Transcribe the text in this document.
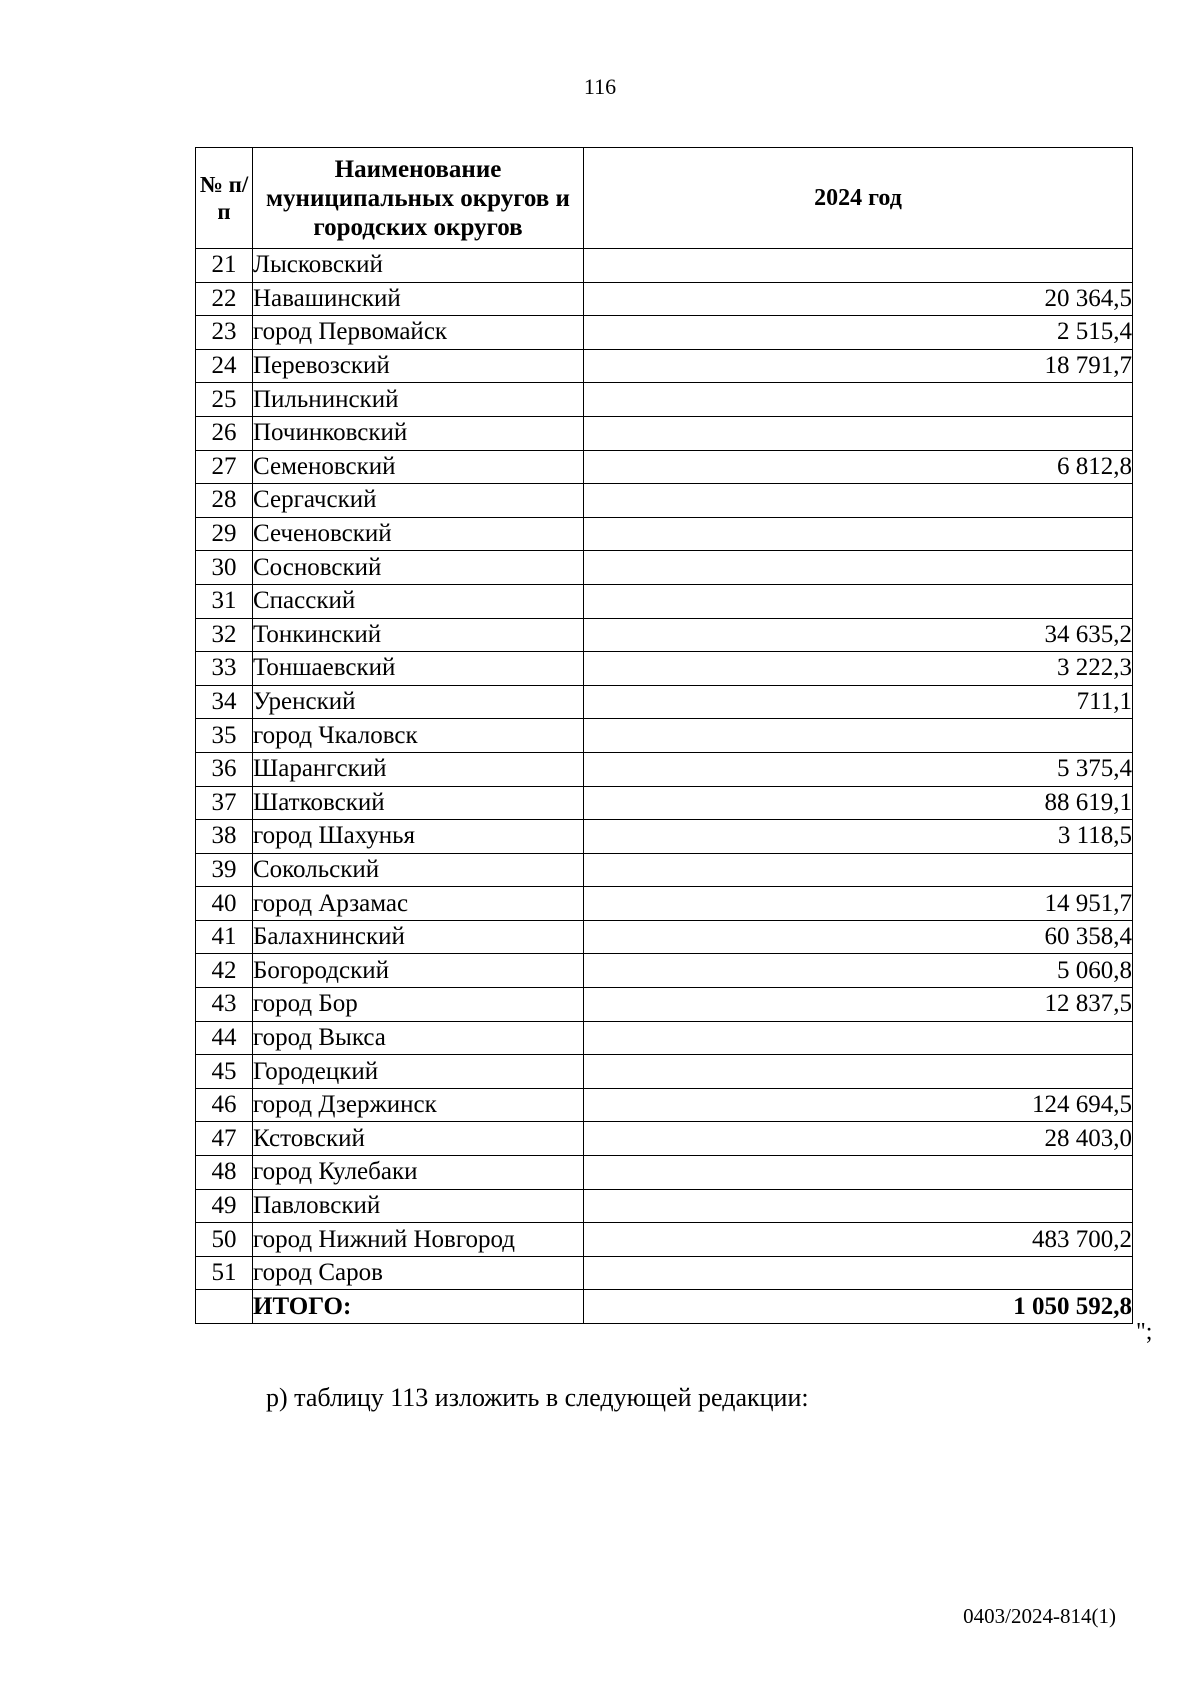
116
№ п/п	Наименование муниципальных округов и городских округов	2024 год
21	Лысковский	
22	Навашинский	20 364,5
23	город Первомайск	2 515,4
24	Перевозский	18 791,7
25	Пильнинский	
26	Починковский	
27	Семеновский	6 812,8
28	Сергачский	
29	Сеченовский	
30	Сосновский	
31	Спасский	
32	Тонкинский	34 635,2
33	Тоншаевский	3 222,3
34	Уренский	711,1
35	город Чкаловск	
36	Шарангский	5 375,4
37	Шатковский	88 619,1
38	город Шахунья	3 118,5
39	Сокольский	
40	город Арзамас	14 951,7
41	Балахнинский	60 358,4
42	Богородский	5 060,8
43	город Бор	12 837,5
44	город Выкса	
45	Городецкий	
46	город Дзержинск	124 694,5
47	Кстовский	28 403,0
48	город Кулебаки	
49	Павловский	
50	город Нижний Новгород	483 700,2
51	город Саров	
	ИТОГО:	1 050 592,8
";
р) таблицу 113 изложить в следующей редакции:
0403/2024-814(1)
